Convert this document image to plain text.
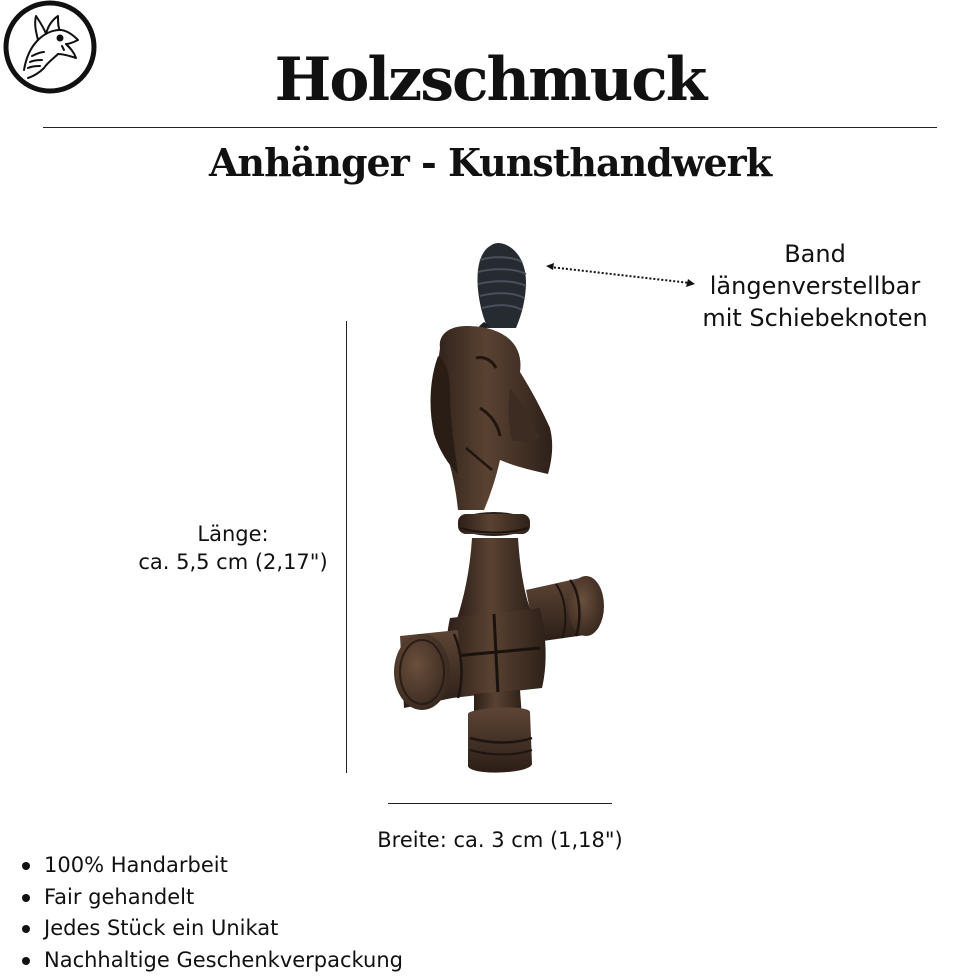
Holzschmuck
Anhänger - Kunsthandwerk
Band
längenverstellbar
mit Schiebeknoten
Länge:
ca. 5,5 cm (2,17")
Breite: ca. 3 cm (1,18")
100% Handarbeit
Fair gehandelt
Jedes Stück ein Unikat
Nachhaltige Geschenkverpackung
